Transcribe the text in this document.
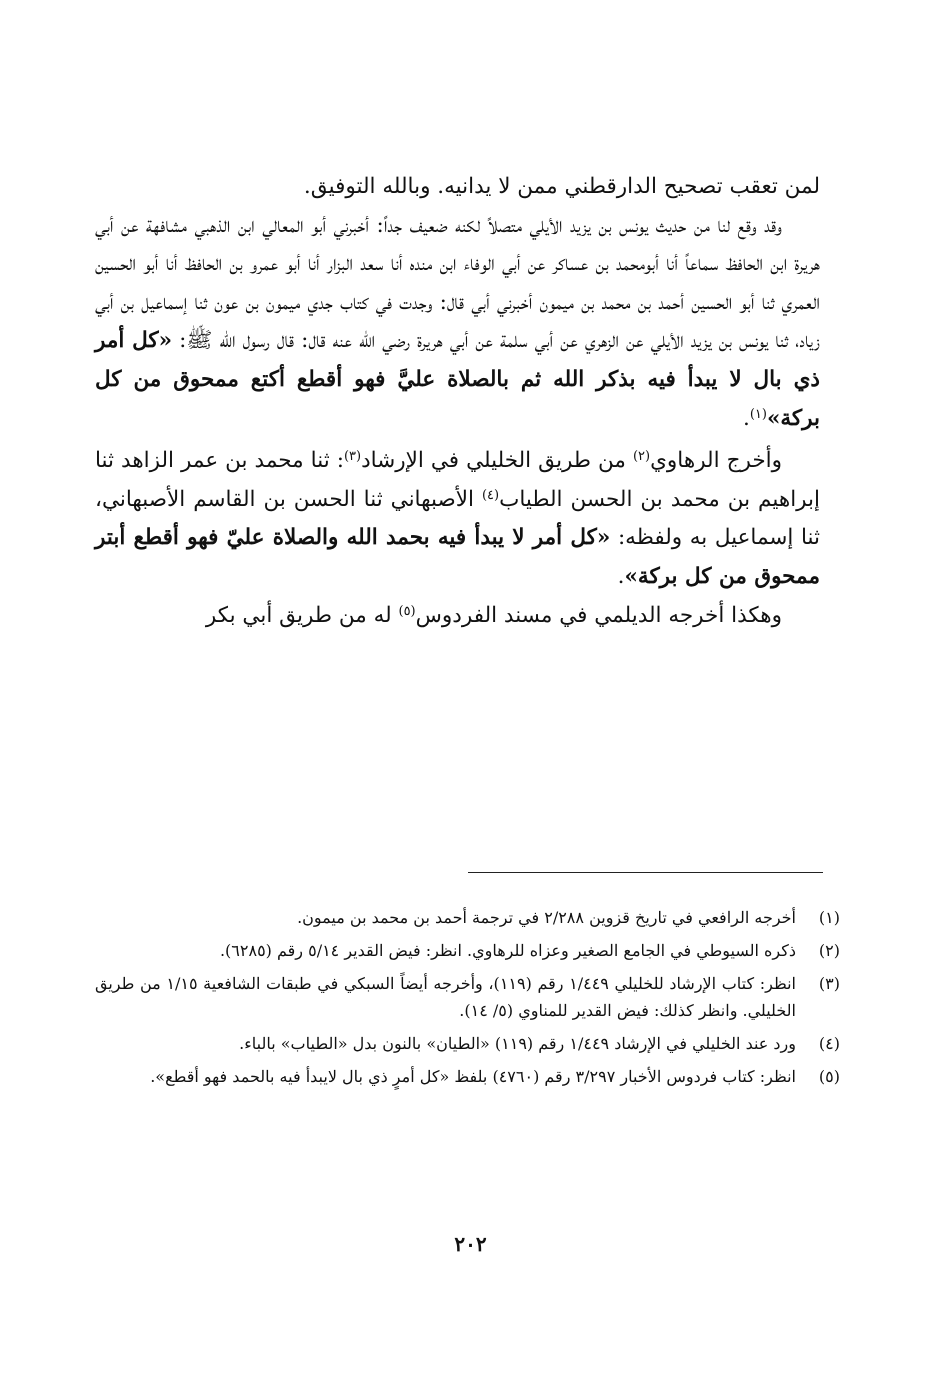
لمن تعقب تصحيح الدارقطني ممن لا يدانيه. وبالله التوفيق.

وقد وقع لنا من حديث يونس بن يزيد الأيلي متصلاً لكنه ضعيف جداً: أخبرني أبو المعالي ابن الذهبي مشافهة عن أبي هريرة ابن الحافظ سماعاً أنا أبومحمد بن عساكر عن أبي الوفاء ابن منده أنا سعد البزار أنا أبو عمرو بن الحافظ أنا أبو الحسين العمري ثنا أبو الحسين أحمد بن محمد بن ميمون أخبرني أبي قال: وجدت في كتاب جدي ميمون بن عون ثنا إسماعيل بن أبي زياد، ثنا يونس بن يزيد الأيلي عن الزهري عن أبي سلمة عن أبي هريرة رضي الله عنه قال: قال رسول الله ﷺ: «كل أمر ذي بال لا يبدأ فيه بذكر الله ثم بالصلاة عليَّ فهو أقطع أكتع ممحوق من كل بركة»$^{(١)}$.

وأخرج الرهاوي$^{(٢)}$ من طريق الخليلي في الإرشاد$^{(٣)}$: ثنا محمد بن عمر الزاهد ثنا إبراهيم بن محمد بن الحسن الطياب$^{(٤)}$ الأصبهاني ثنا الحسن بن القاسم الأصبهاني، ثنا إسماعيل به ولفظه: «كل أمر لا يبدأ فيه بحمد الله والصلاة عليّ فهو أقطع أبتر ممحوق من كل بركة».

وهكذا أخرجه الديلمي في مسند الفردوس$^{(٥)}$ له من طريق أبي بكر

(١)
أخرجه الرافعي في تاريخ قزوين ٢/٢٨٨ في ترجمة أحمد بن محمد بن ميمون.
(٢)
ذكره السيوطي في الجامع الصغير وعزاه للرهاوي. انظر: فيض القدير ٥/١٤ رقم (٦٢٨٥).
(٣)
انظر: كتاب الإرشاد للخليلي ١/٤٤٩ رقم (١١٩)، وأخرجه أيضاً السبكي في طبقات الشافعية ١/١٥ من طريق الخليلي. وانظر كذلك: فيض القدير للمناوي (٥/ ١٤).
(٤)
ورد عند الخليلي في الإرشاد ١/٤٤٩ رقم (١١٩) «الطيان» بالنون بدل «الطياب» بالباء.
(٥)
انظر: كتاب فردوس الأخبار ٣/٢٩٧ رقم (٤٧٦٠) بلفظ «كل أمرٍ ذي بال لايبدأ فيه بالحمد فهو أقطع».
٢٠٢
